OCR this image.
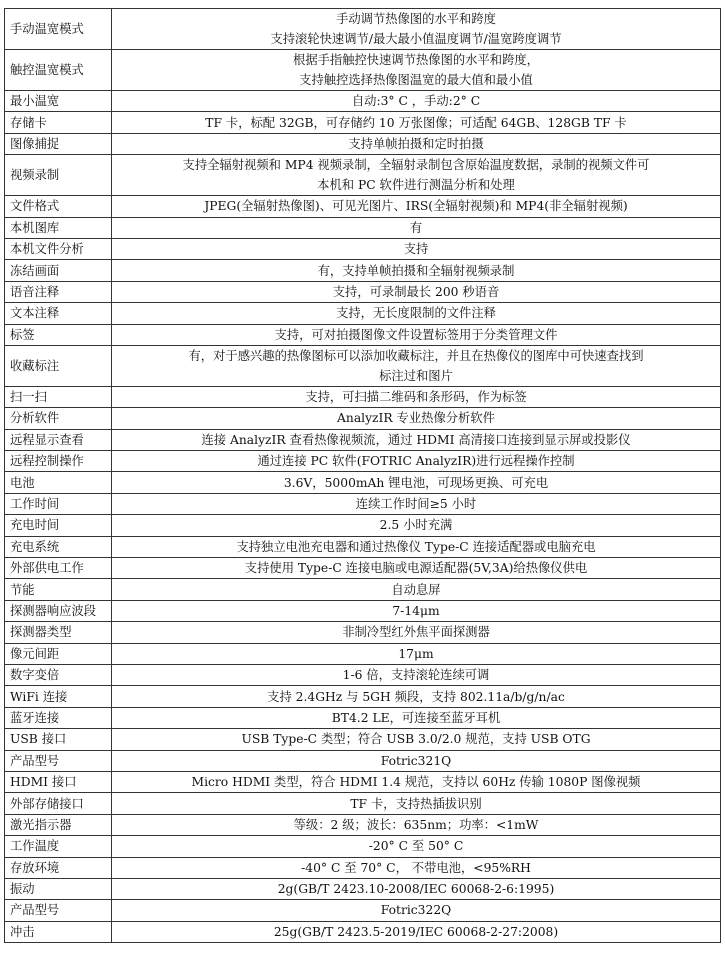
手动温宽模式	手动调节热像图的水平和跨度
支持滚轮快速调节/最大最小值温度调节/温宽跨度调节
触控温宽模式	根据手指触控快速调节热像图的水平和跨度，
支持触控选择热像图温宽的最大值和最小值
最小温宽	自动:3° C ，手动:2° C
存储卡	TF 卡，标配 32GB，可存储约 10 万张图像；可适配 64GB、128GB TF 卡
图像捕捉	支持单帧拍摄和定时拍摄
视频录制	支持全辐射视频和 MP4 视频录制，全辐射录制包含原始温度数据，录制的视频文件可
本机和 PC 软件进行测温分析和处理
文件格式	JPEG(全辐射热像图)、可见光图片、IRS(全辐射视频)和 MP4(非全辐射视频)
本机图库	有
本机文件分析	支持
冻结画面	有，支持单帧拍摄和全辐射视频录制
语音注释	支持，可录制最长 200 秒语音
文本注释	支持，无长度限制的文件注释
标签	支持，可对拍摄图像文件设置标签用于分类管理文件
收藏标注	有，对于感兴趣的热像图标可以添加收藏标注，并且在热像仪的图库中可快速查找到
标注过和图片
扫一扫	支持，可扫描二维码和条形码，作为标签
分析软件	AnalyzIR 专业热像分析软件
远程显示查看	连接 AnalyzIR 查看热像视频流，通过 HDMI 高清接口连接到显示屏或投影仪
远程控制操作	通过连接 PC 软件(FOTRIC AnalyzIR)进行远程操作控制
电池	3.6V，5000mAh 锂电池，可现场更换、可充电
工作时间	连续工作时间≥5 小时
充电时间	2.5 小时充满
充电系统	支持独立电池充电器和通过热像仪 Type-C 连接适配器或电脑充电
外部供电工作	支持使用 Type-C 连接电脑或电源适配器(5V,3A)给热像仪供电
节能	自动息屏
探测器响应波段	7-14μm
探测器类型	非制冷型红外焦平面探测器
像元间距	17μm
数字变倍	1-6 倍，支持滚轮连续可调
WiFi 连接	支持 2.4GHz 与 5GH 频段，支持 802.11a/b/g/n/ac
蓝牙连接	BT4.2 LE，可连接至蓝牙耳机
USB 接口	USB Type-C 类型；符合 USB 3.0/2.0 规范，支持 USB OTG
产品型号	Fotric321Q
HDMI 接口	Micro HDMI 类型，符合 HDMI 1.4 规范，支持以 60Hz 传输 1080P 图像视频
外部存储接口	TF 卡，支持热插拔识别
激光指示器	等级：2 级；波长：635nm；功率：<1mW
工作温度	-20° C 至 50° C
存放环境	-40° C 至 70° C， 不带电池，<95%RH
振动	2g(GB/T 2423.10-2008/IEC 60068-2-6:1995)
产品型号	Fotric322Q
冲击	25g(GB/T 2423.5-2019/IEC 60068-2-27:2008)
